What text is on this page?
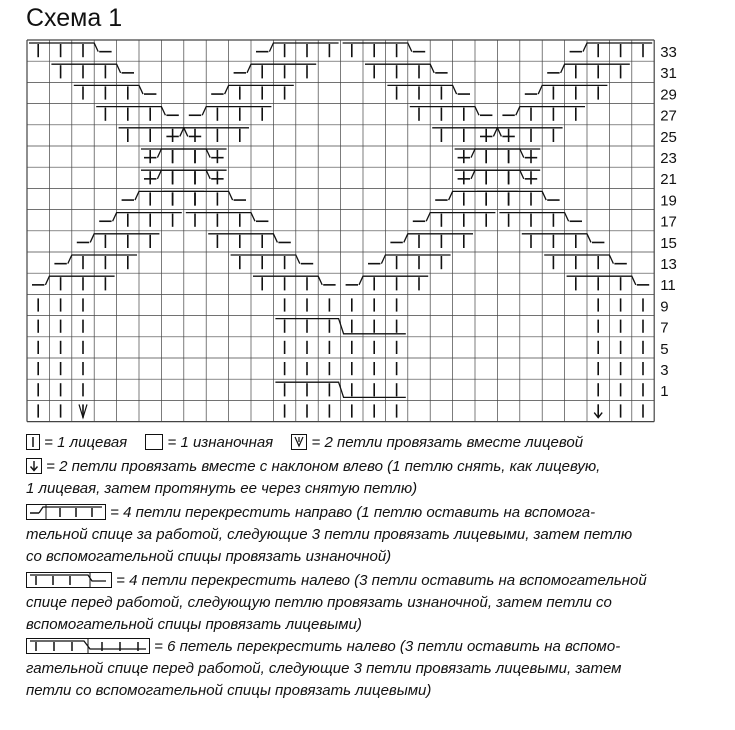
Схема 1
33
31
29
27
25
23
21
19
17
15
13
11
9
7
5
3
1
= 1 лицевая	= 1 изнаночная	= 2 петли провязать вместе лицевой
= 2 петли провязать вместе с наклоном влево (1 петлю снять, как лицевую,
1 лицевая, затем протянуть ее через снятую петлю)
= 4 петли перекрестить направо (1 петлю оставить на вспомога-
тельной спице за работой, следующие 3 петли провязать лицевыми, затем петлю
со вспомогательной спицы провязать изнаночной)
= 4 петли перекрестить налево (3 петли оставить на вспомогательной
спице перед работой, следующую петлю провязать изнаночной, затем петли со
вспомогательной спицы провязать лицевыми)
= 6 петель перекрестить налево (3 петли оставить на вспомо-
гательной спице перед работой, следующие 3 петли провязать лицевыми, затем
петли со вспомогательной спицы провязать лицевыми)
